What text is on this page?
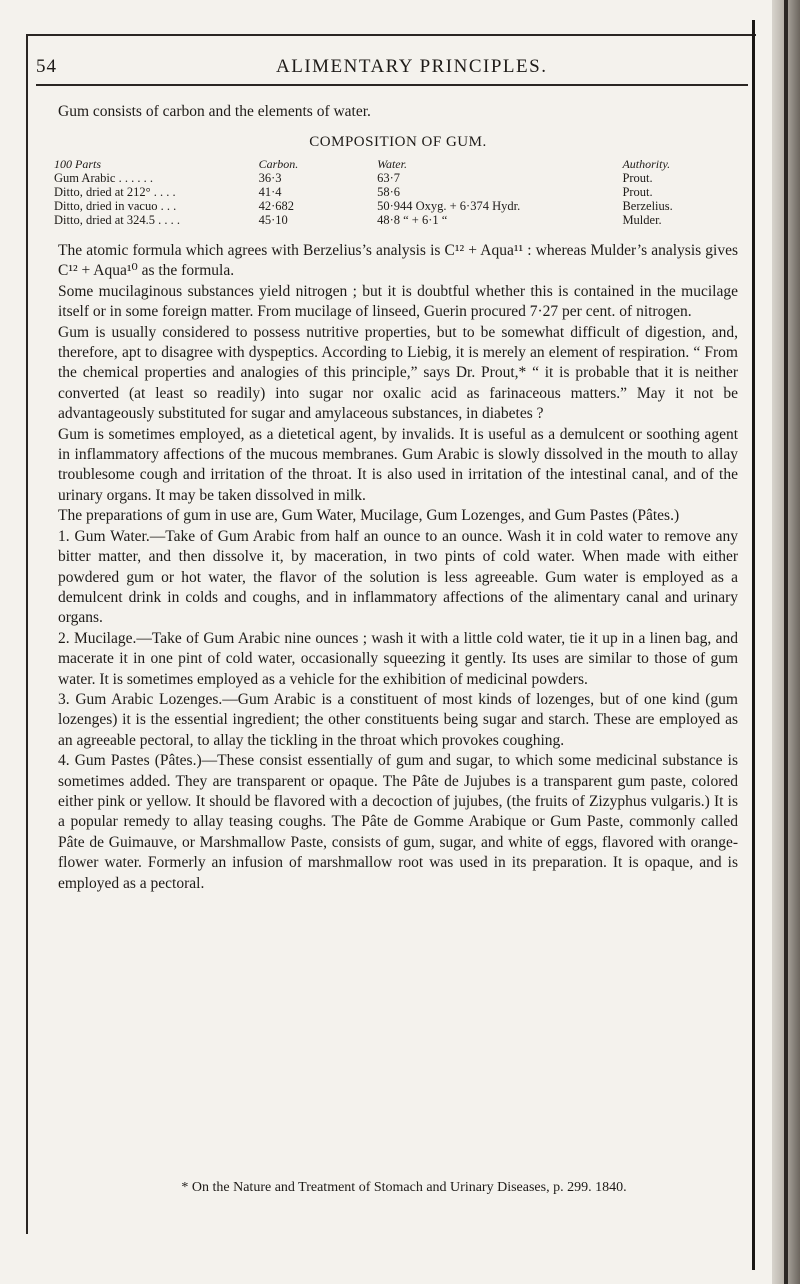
54	ALIMENTARY PRINCIPLES.

Gum consists of carbon and the elements of water.

COMPOSITION OF GUM.
100 Parts	Carbon.	Water.	Authority.
Gum Arabic . . . . . .	36·3	63·7	Prout.
Ditto, dried at 212° . . . .	41·4	58·6	Prout.
Ditto, dried in vacuo . . .	42·682	50·944 Oxyg. + 6·374 Hydr.	Berzelius.
Ditto, dried at 324.5 . . . .	45·10	48·8 “ + 6·1 “	Mulder.

The atomic formula which agrees with Berzelius’s analysis is C¹² + Aqua¹¹ : whereas Mulder’s analysis gives C¹² + Aqua¹⁰ as the formula.

Some mucilaginous substances yield nitrogen ; but it is doubtful whether this is contained in the mucilage itself or in some foreign matter. From mucilage of linseed, Guerin procured 7·27 per cent. of nitrogen.

Gum is usually considered to possess nutritive properties, but to be somewhat difficult of digestion, and, therefore, apt to disagree with dyspeptics. According to Liebig, it is merely an element of respiration. “ From the chemical properties and analogies of this principle,” says Dr. Prout,* “ it is probable that it is neither converted (at least so readily) into sugar nor oxalic acid as farinaceous matters.” May it not be advantageously substituted for sugar and amylaceous substances, in diabetes ?

Gum is sometimes employed, as a dietetical agent, by invalids. It is useful as a demulcent or soothing agent in inflammatory affections of the mucous membranes. Gum Arabic is slowly dissolved in the mouth to allay troublesome cough and irritation of the throat. It is also used in irritation of the intestinal canal, and of the urinary organs. It may be taken dissolved in milk.

The preparations of gum in use are, Gum Water, Mucilage, Gum Lozenges, and Gum Pastes (Pâtes.)

1. Gum Water.—Take of Gum Arabic from half an ounce to an ounce. Wash it in cold water to remove any bitter matter, and then dissolve it, by maceration, in two pints of cold water. When made with either powdered gum or hot water, the flavor of the solution is less agreeable. Gum water is employed as a demulcent drink in colds and coughs, and in inflammatory affections of the alimentary canal and urinary organs.

2. Mucilage.—Take of Gum Arabic nine ounces ; wash it with a little cold water, tie it up in a linen bag, and macerate it in one pint of cold water, occasionally squeezing it gently. Its uses are similar to those of gum water. It is sometimes employed as a vehicle for the exhibition of medicinal powders.

3. Gum Arabic Lozenges.—Gum Arabic is a constituent of most kinds of lozenges, but of one kind (gum lozenges) it is the essential ingredient; the other constituents being sugar and starch. These are employed as an agreeable pectoral, to allay the tickling in the throat which provokes coughing.

4. Gum Pastes (Pâtes.)—These consist essentially of gum and sugar, to which some medicinal substance is sometimes added. They are transparent or opaque. The Pâte de Jujubes is a transparent gum paste, colored either pink or yellow. It should be flavored with a decoction of jujubes, (the fruits of Zizyphus vulgaris.) It is a popular remedy to allay teasing coughs. The Pâte de Gomme Arabique or Gum Paste, commonly called Pâte de Guimauve, or Marshmallow Paste, consists of gum, sugar, and white of eggs, flavored with orange-flower water. Formerly an infusion of marshmallow root was used in its preparation. It is opaque, and is employed as a pectoral.

* On the Nature and Treatment of Stomach and Urinary Diseases, p. 299. 1840.
